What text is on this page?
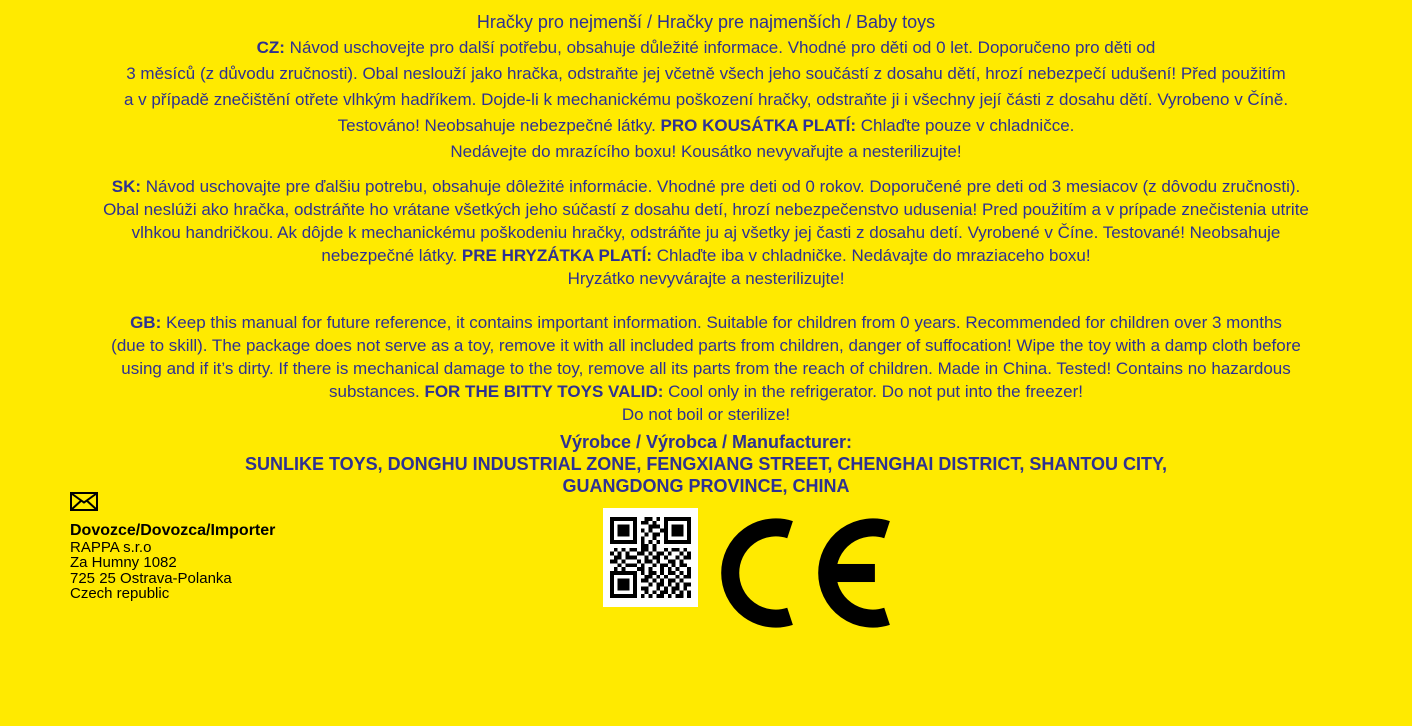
Hračky pro nejmenší / Hračky pre najmenších / Baby toys
CZ: Návod uschovejte pro další potřebu, obsahuje důležité informace. Vhodné pro děti od 0 let. Doporučeno pro děti od
3 měsíců (z důvodu zručnosti). Obal neslouží jako hračka, odstraňte jej včetně všech jeho součástí z dosahu dětí, hrozí nebezpečí udušení! Před použitím
a v případě znečištění otřete vlhkým hadříkem. Dojde-li k mechanickému poškození hračky, odstraňte ji i všechny její části z dosahu dětí. Vyrobeno v Číně.
Testováno! Neobsahuje nebezpečné látky. PRO KOUSÁTKA PLATÍ: Chlaďte pouze v chladničce.
Nedávejte do mrazícího boxu! Kousátko nevyvařujte a nesterilizujte!
SK: Návod uschovajte pre ďalšiu potrebu, obsahuje dôležité informácie. Vhodné pre deti od 0 rokov. Doporučené pre deti od 3 mesiacov (z dôvodu zručnosti).
Obal neslúži ako hračka, odstráňte ho vrátane všetkých jeho súčastí z dosahu detí, hrozí nebezpečenstvo udusenia! Pred použitím a v prípade znečistenia utrite
vlhkou handričkou. Ak dôjde k mechanickému poškodeniu hračky, odstráňte ju aj všetky jej časti z dosahu detí. Vyrobené v Číne. Testované! Neobsahuje
nebezpečné látky. PRE HRYZÁTKA PLATÍ: Chlaďte iba v chladničke. Nedávajte do mraziaceho boxu!
Hryzátko nevyvárajte a nesterilizujte!
GB: Keep this manual for future reference, it contains important information. Suitable for children from 0 years. Recommended for children over 3 months
(due to skill). The package does not serve as a toy, remove it with all included parts from children, danger of suffocation! Wipe the toy with a damp cloth before
using and if it’s dirty. If there is mechanical damage to the toy, remove all its parts from the reach of children. Made in China. Tested! Contains no hazardous
substances. FOR THE BITTY TOYS VALID: Cool only in the refrigerator. Do not put into the freezer!
Do not boil or sterilize!
Výrobce / Výrobca / Manufacturer:
SUNLIKE TOYS, DONGHU INDUSTRIAL ZONE, FENGXIANG STREET, CHENGHAI DISTRICT, SHANTOU CITY,
GUANGDONG PROVINCE, CHINA
Dovozce/Dovozca/Importer
RAPPA s.r.o
Za Humny 1082
725 25 Ostrava-Polanka
Czech republic
